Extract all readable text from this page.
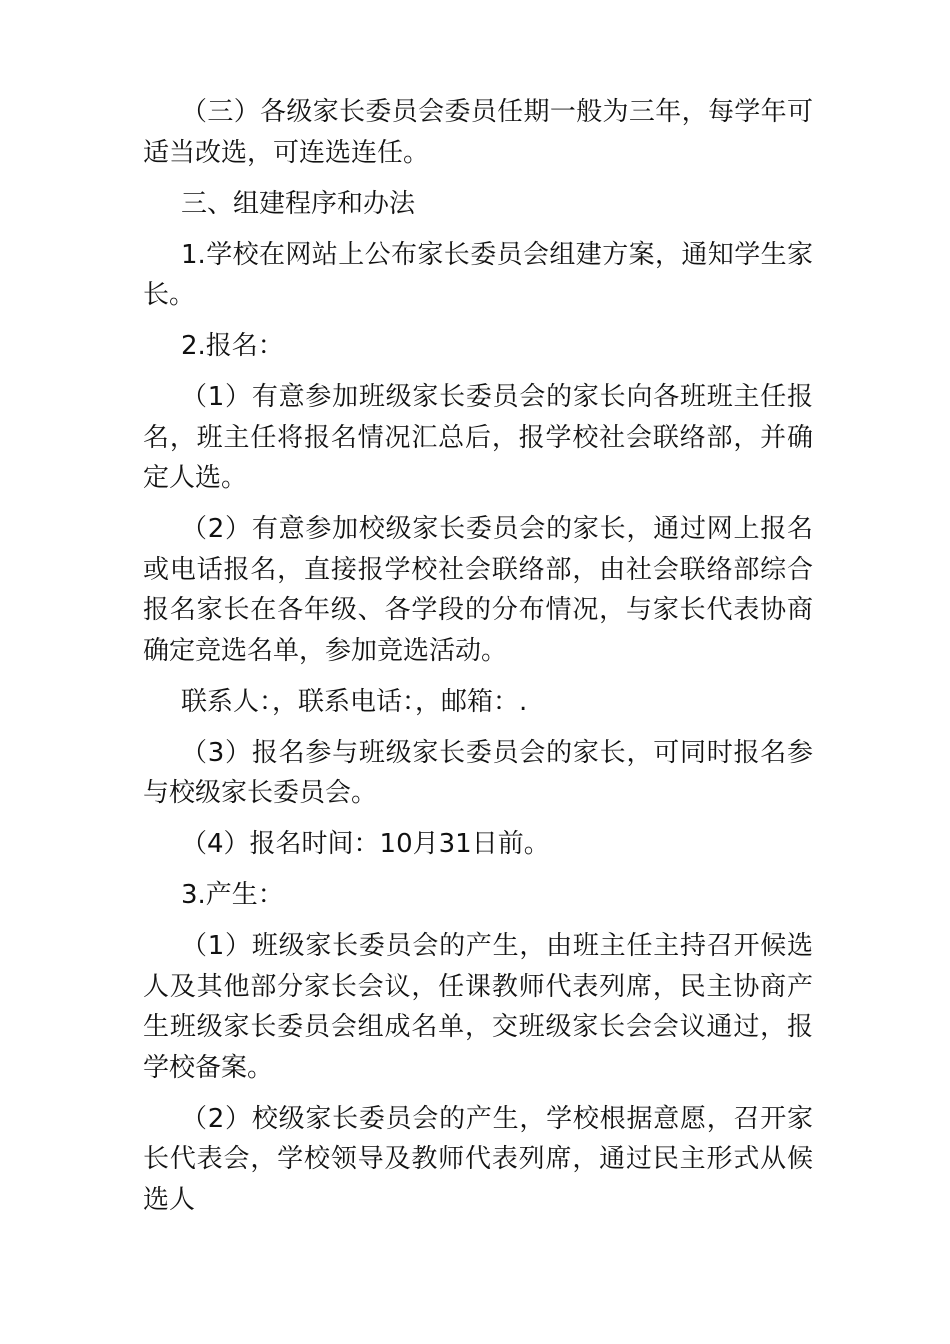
（三）各级家长委员会委员任期一般为三年，每学年可适当改选，可连选连任。

三、组建程序和办法

1.学校在网站上公布家长委员会组建方案，通知学生家长。

2.报名：

（1）有意参加班级家长委员会的家长向各班班主任报名，班主任将报名情况汇总后，报学校社会联络部，并确定人选。

（2）有意参加校级家长委员会的家长，通过网上报名或电话报名，直接报学校社会联络部，由社会联络部综合报名家长在各年级、各学段的分布情况，与家长代表协商确定竞选名单，参加竞选活动。

联系人：，联系电话：，邮箱：.

（3）报名参与班级家长委员会的家长，可同时报名参与校级家长委员会。

（4）报名时间：10月31日前。

3.产生：

（1）班级家长委员会的产生，由班主任主持召开候选人及其他部分家长会议，任课教师代表列席，民主协商产生班级家长委员会组成名单，交班级家长会会议通过，报学校备案。

（2）校级家长委员会的产生，学校根据意愿，召开家长代表会，学校领导及教师代表列席，通过民主形式从候选人
